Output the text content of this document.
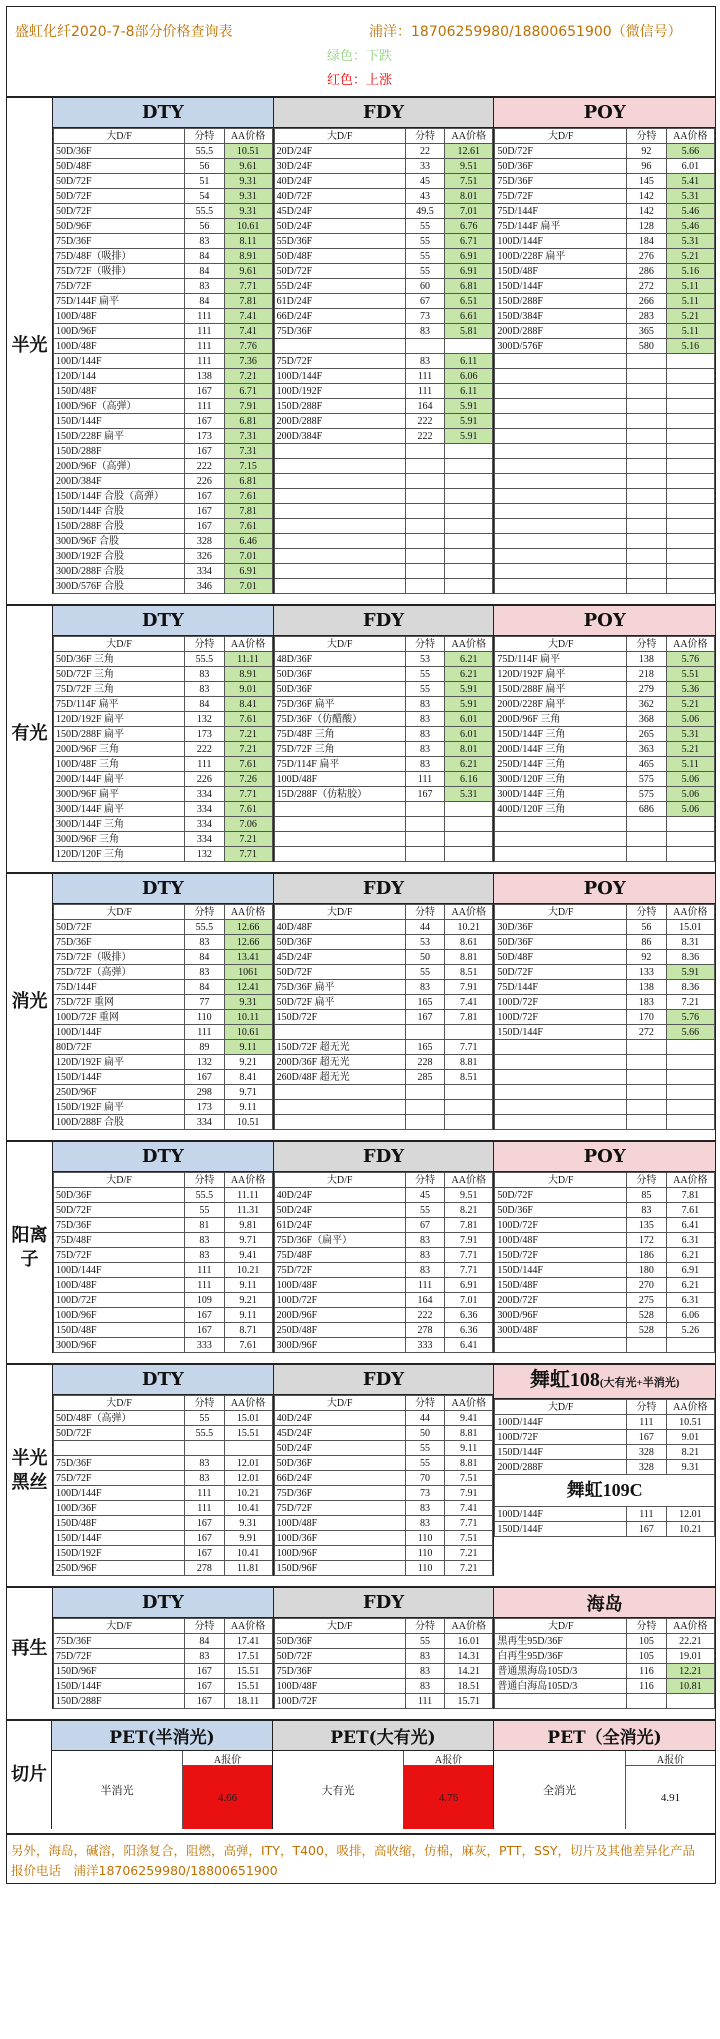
盛虹化纤2020-7-8部分价格查询表	浦洋：18706259980/18800651900（微信号）
绿色：下跌
红色：上涨
半光
DTY
大D/F	分特	AA价格
50D/36F	55.5	10.51
50D/48F	56	9.61
50D/72F	51	9.31
50D/72F	54	9.31
50D/72F	55.5	9.31
50D/96F	56	10.61
75D/36F	83	8.11
75D/48F（吸排）	84	8.91
75D/72F（吸排）	84	9.61
75D/72F	83	7.71
75D/144F 扁平	84	7.81
100D/48F	111	7.41
100D/96F	111	7.41
100D/48F	111	7.76
100D/144F	111	7.36
120D/144	138	7.21
150D/48F	167	6.71
100D/96F（高弹）	111	7.91
150D/144F	167	6.81
150D/228F 扁平	173	7.31
150D/288F	167	7.31
200D/96F（高弹）	222	7.15
200D/384F	226	6.81
150D/144F 合股（高弹）	167	7.61
150D/144F 合股	167	7.81
150D/288F 合股	167	7.61
300D/96F 合股	328	6.46
300D/192F 合股	326	7.01
300D/288F 合股	334	6.91
300D/576F 合股	346	7.01
FDY
大D/F	分特	AA价格
20D/24F	22	12.61
30D/24F	33	9.51
40D/24F	45	7.51
40D/72F	43	8.01
45D/24F	49.5	7.01
50D/24F	55	6.76
55D/36F	55	6.71
50D/48F	55	6.91
50D/72F	55	6.91
55D/24F	60	6.81
61D/24F	67	6.51
66D/24F	73	6.61
75D/36F	83	5.81

75D/72F	83	6.11
100D/144F	111	6.06
100D/192F	111	6.11
150D/288F	164	5.91
200D/288F	222	5.91
200D/384F	222	5.91

POY
大D/F	分特	AA价格
50D/72F	92	5.66
50D/36F	96	6.01
75D/36F	145	5.41
75D/72F	142	5.31
75D/144F	142	5.46
75D/144F 扁平	128	5.46
100D/144F	184	5.31
100D/228F 扁平	276	5.21
150D/48F	286	5.16
150D/144F	272	5.11
150D/288F	266	5.11
150D/384F	283	5.21
200D/288F	365	5.11
300D/576F	580	5.16

有光
DTY
大D/F	分特	AA价格
50D/36F 三角	55.5	11.11
50D/72F 三角	83	8.91
75D/72F 三角	83	9.01
75D/114F 扁平	84	8.41
120D/192F 扁平	132	7.61
150D/288F 扁平	173	7.21
200D/96F 三角	222	7.21
100D/48F 三角	111	7.61
200D/144F 扁平	226	7.26
300D/96F 扁平	334	7.71
300D/144F 扁平	334	7.61
300D/144F 三角	334	7.06
300D/96F 三角	334	7.21
120D/120F 三角	132	7.71
FDY
大D/F	分特	AA价格
48D/36F	53	6.21
50D/36F	55	6.21
50D/36F	55	5.91
75D/36F 扁平	83	5.91
75D/36F（仿醋酸）	83	6.01
75D/48F 三角	83	6.01
75D/72F 三角	83	8.01
75D/114F 扁平	83	6.21
100D/48F	111	6.16
15D/288F（仿粘胶）	167	5.31

POY
大D/F	分特	AA价格
75D/114F 扁平	138	5.76
120D/192F 扁平	218	5.51
150D/288F 扁平	279	5.36
200D/228F 扁平	362	5.21
200D/96F 三角	368	5.06
150D/144F 三角	265	5.31
200D/144F 三角	363	5.21
250D/144F 三角	465	5.11
300D/120F 三角	575	5.06
300D/144F 三角	575	5.06
400D/120F 三角	686	5.06

消光
DTY
大D/F	分特	AA价格
50D/72F	55.5	12.66
75D/36F	83	12.66
75D/72F（吸排）	84	13.41
75D/72F（高弹）	83	1061
75D/144F	84	12.41
75D/72F 重网	77	9.31
100D/72F 重网	110	10.11
100D/144F	111	10.61
80D/72F	89	9.11
120D/192F 扁平	132	9.21
150D/144F	167	8.41
250D/96F	298	9.71
150D/192F 扁平	173	9.11
100D/288F 合股	334	10.51
FDY
大D/F	分特	AA价格
40D/48F	44	10.21
50D/36F	53	8.61
45D/24F	50	8.81
50D/72F	55	8.51
75D/36F 扁平	83	7.91
50D/72F 扁平	165	7.41
150D/72F	167	7.81

150D/72F 超无光	165	7.71
200D/36F 超无光	228	8.81
260D/48F 超无光	285	8.51

POY
大D/F	分特	AA价格
30D/36F	56	15.01
50D/36F	86	8.31
50D/48F	92	8.36
50D/72F	133	5.91
75D/144F	138	8.36
100D/72F	183	7.21
100D/72F	170	5.76
150D/144F	272	5.66

阳离子
DTY
大D/F	分特	AA价格
50D/36F	55.5	11.11
50D/72F	55	11.31
75D/36F	81	9.81
75D/48F	83	9.71
75D/72F	83	9.41
100D/144F	111	10.21
100D/48F	111	9.11
100D/72F	109	9.21
100D/96F	167	9.11
150D/48F	167	8.71
300D/96F	333	7.61
FDY
大D/F	分特	AA价格
40D/24F	45	9.51
50D/24F	55	8.21
61D/24F	67	7.81
75D/36F（扁平）	83	7.91
75D/48F	83	7.71
75D/72F	83	7.71
100D/48F	111	6.91
100D/72F	164	7.01
200D/96F	222	6.36
250D/48F	278	6.36
300D/96F	333	6.41
POY
大D/F	分特	AA价格
50D/72F	85	7.81
50D/36F	83	7.61
100D/72F	135	6.41
100D/48F	172	6.31
150D/72F	186	6.21
150D/144F	180	6.91
150D/48F	270	6.21
200D/72F	275	6.31
300D/96F	528	6.06
300D/48F	528	5.26

半光黑丝
DTY
大D/F	分特	AA价格
50D/48F（高弹）	55	15.01
50D/72F	55.5	15.51

75D/36F	83	12.01
75D/72F	83	12.01
100D/144F	111	10.21
100D/36F	111	10.41
150D/48F	167	9.31
150D/144F	167	9.91
150D/192F	167	10.41
250D/96F	278	11.81
FDY
大D/F	分特	AA价格
40D/24F	44	9.41
45D/24F	50	8.81
50D/24F	55	9.11
50D/36F	55	8.81
66D/24F	70	7.51
75D/36F	73	7.91
75D/72F	83	7.41
100D/48F	83	7.71
100D/36F	110	7.51
100D/96F	110	7.21
150D/96F	110	7.21
舞虹108(大有光+半消光)
大D/F	分特	AA价格
100D/144F	111	10.51
100D/72F	167	9.01
150D/144F	328	8.21
200D/288F	328	9.31
舞虹109C		
100D/144F	111	12.01
150D/144F	167	10.21
再生
DTY
大D/F	分特	AA价格
75D/36F	84	17.41
75D/72F	83	17.51
150D/96F	167	15.51
150D/144F	167	15.51
150D/288F	167	18.11
FDY
大D/F	分特	AA价格
50D/36F	55	16.01
50D/72F	83	14.31
75D/36F	83	14.21
100D/48F	83	18.51
100D/72F	111	15.71
海岛
大D/F	分特	AA价格
黑再生95D/36F	105	22.21
白再生95D/36F	105	19.01
普通黑海岛105D/3	116	12.21
普通白海岛105D/3	116	10.81

切片
PET(半消光)
半消光
A报价
4.66
PET(大有光)
大有光
A报价
4.76
PET（全消光)
全消光
A报价
4.91
另外，海岛，碱溶，阳涤复合，阻燃，高弹，ITY，T400，吸排，高收缩，仿棉，麻灰，PTT，SSY，切片及其他差异化产品　　报价电话　浦洋18706259980/18800651900
